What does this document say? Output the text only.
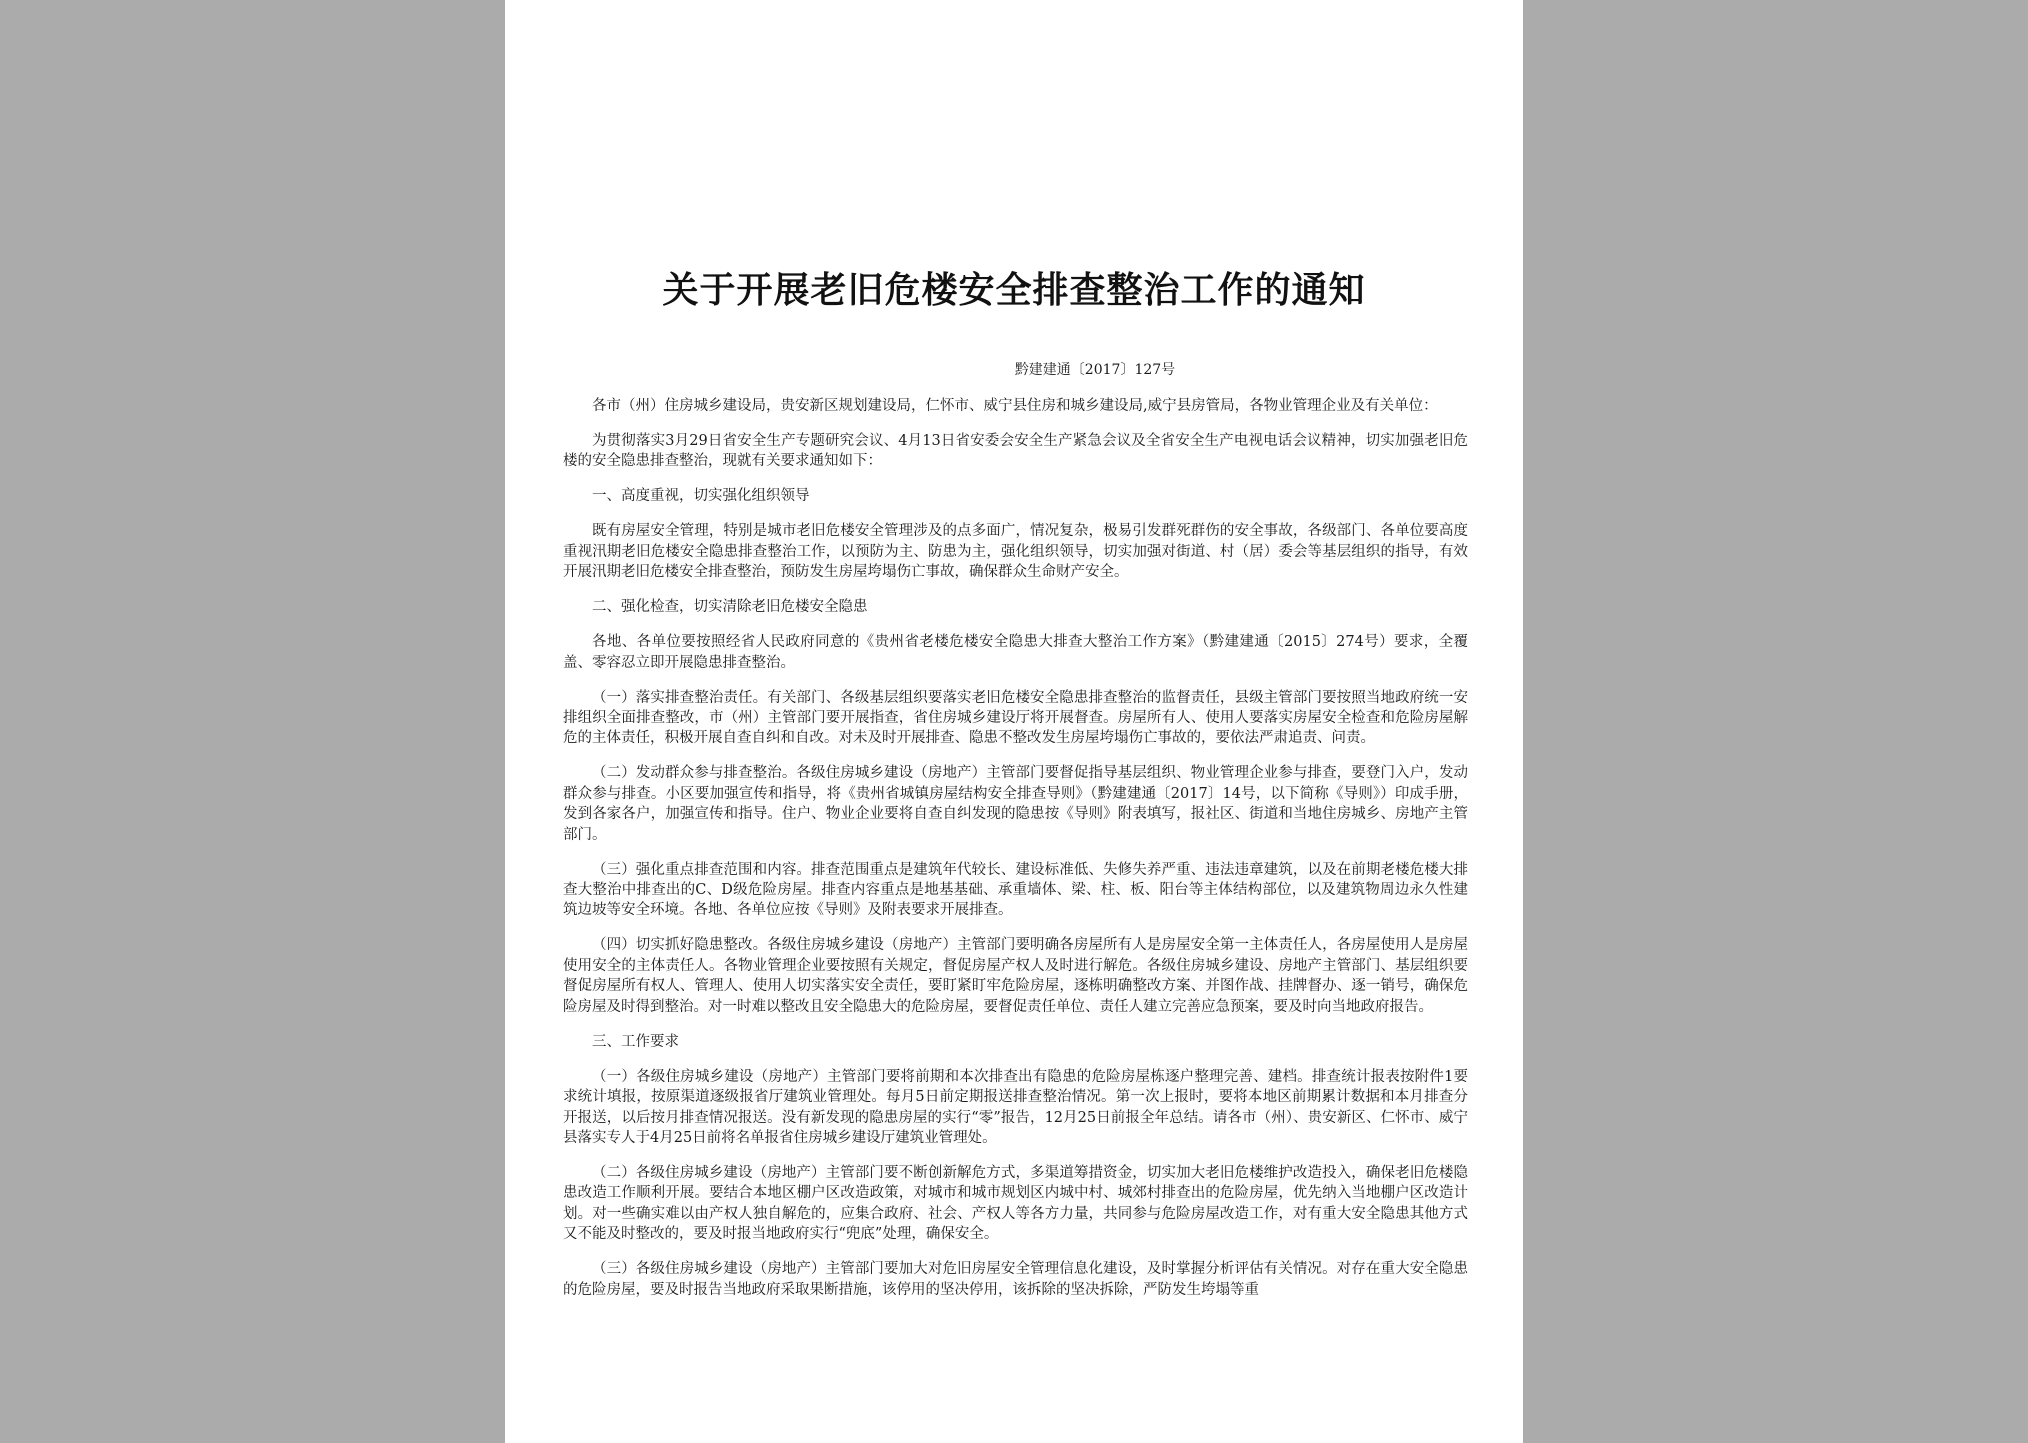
关于开展老旧危楼安全排查整治工作的通知
黔建建通〔2017〕127号

各市（州）住房城乡建设局，贵安新区规划建设局，仁怀市、威宁县住房和城乡建设局,威宁县房管局，各物业管理企业及有关单位：

为贯彻落实3月29日省安全生产专题研究会议、4月13日省安委会安全生产紧急会议及全省安全生产电视电话会议精神，切实加强老旧危楼的安全隐患排查整治，现就有关要求通知如下：

一、高度重视，切实强化组织领导

既有房屋安全管理，特别是城市老旧危楼安全管理涉及的点多面广，情况复杂，极易引发群死群伤的安全事故，各级部门、各单位要高度重视汛期老旧危楼安全隐患排查整治工作，以预防为主、防患为主，强化组织领导，切实加强对街道、村（居）委会等基层组织的指导，有效开展汛期老旧危楼安全排查整治，预防发生房屋垮塌伤亡事故，确保群众生命财产安全。

二、强化检查，切实清除老旧危楼安全隐患

各地、各单位要按照经省人民政府同意的《贵州省老楼危楼安全隐患大排查大整治工作方案》（黔建建通〔2015〕274号）要求，全覆盖、零容忍立即开展隐患排查整治。

（一）落实排查整治责任。有关部门、各级基层组织要落实老旧危楼安全隐患排查整治的监督责任，县级主管部门要按照当地政府统一安排组织全面排查整改，市（州）主管部门要开展指查，省住房城乡建设厅将开展督查。房屋所有人、使用人要落实房屋安全检查和危险房屋解危的主体责任，积极开展自查自纠和自改。对未及时开展排查、隐患不整改发生房屋垮塌伤亡事故的，要依法严肃追责、问责。

（二）发动群众参与排查整治。各级住房城乡建设（房地产）主管部门要督促指导基层组织、物业管理企业参与排查，要登门入户，发动群众参与排查。小区要加强宣传和指导，将《贵州省城镇房屋结构安全排查导则》（黔建建通〔2017〕14号，以下简称《导则》）印成手册，发到各家各户，加强宣传和指导。住户、物业企业要将自查自纠发现的隐患按《导则》附表填写，报社区、街道和当地住房城乡、房地产主管部门。

（三）强化重点排查范围和内容。排查范围重点是建筑年代较长、建设标准低、失修失养严重、违法违章建筑，以及在前期老楼危楼大排查大整治中排查出的C、D级危险房屋。排查内容重点是地基基础、承重墙体、梁、柱、板、阳台等主体结构部位，以及建筑物周边永久性建筑边坡等安全环境。各地、各单位应按《导则》及附表要求开展排查。

（四）切实抓好隐患整改。各级住房城乡建设（房地产）主管部门要明确各房屋所有人是房屋安全第一主体责任人，各房屋使用人是房屋使用安全的主体责任人。各物业管理企业要按照有关规定，督促房屋产权人及时进行解危。各级住房城乡建设、房地产主管部门、基层组织要督促房屋所有权人、管理人、使用人切实落实安全责任，要盯紧盯牢危险房屋，逐栋明确整改方案、并图作战、挂牌督办、逐一销号，确保危险房屋及时得到整治。对一时难以整改且安全隐患大的危险房屋，要督促责任单位、责任人建立完善应急预案，要及时向当地政府报告。

三、工作要求

（一）各级住房城乡建设（房地产）主管部门要将前期和本次排查出有隐患的危险房屋栋逐户整理完善、建档。排查统计报表按附件1要求统计填报，按原渠道逐级报省厅建筑业管理处。每月5日前定期报送排查整治情况。第一次上报时，要将本地区前期累计数据和本月排查分开报送，以后按月排查情况报送。没有新发现的隐患房屋的实行“零”报告，12月25日前报全年总结。请各市（州）、贵安新区、仁怀市、威宁县落实专人于4月25日前将名单报省住房城乡建设厅建筑业管理处。

（二）各级住房城乡建设（房地产）主管部门要不断创新解危方式，多渠道筹措资金，切实加大老旧危楼维护改造投入，确保老旧危楼隐患改造工作顺利开展。要结合本地区棚户区改造政策，对城市和城市规划区内城中村、城郊村排查出的危险房屋，优先纳入当地棚户区改造计划。对一些确实难以由产权人独自解危的，应集合政府、社会、产权人等各方力量，共同参与危险房屋改造工作，对有重大安全隐患其他方式又不能及时整改的，要及时报当地政府实行“兜底”处理，确保安全。

（三）各级住房城乡建设（房地产）主管部门要加大对危旧房屋安全管理信息化建设，及时掌握分析评估有关情况。对存在重大安全隐患的危险房屋，要及时报告当地政府采取果断措施，该停用的坚决停用，该拆除的坚决拆除，严防发生垮塌等重
